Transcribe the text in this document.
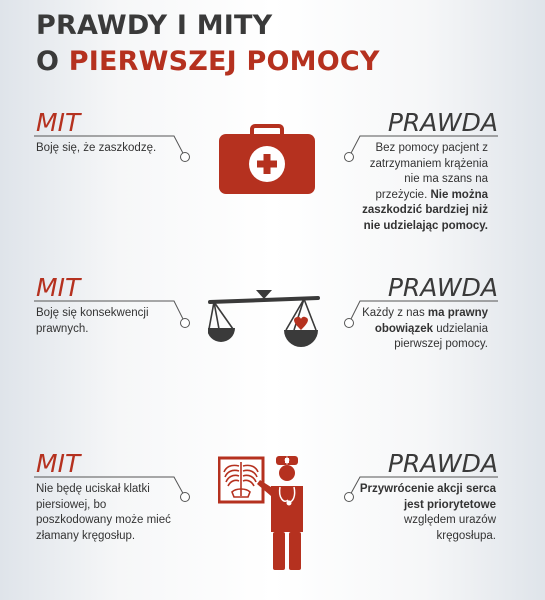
PRAWDY I MITY
O PIERWSZEJ POMOCY
MIT
Boję się, że zaszkodzę.
PRAWDA
Bez pomocy pacjent z zatrzymaniem krążenia nie ma szans na przeżycie. Nie można zaszkodzić bardziej niż nie udzielając pomocy.
MIT
Boję się konsekwencji prawnych.
PRAWDA
Każdy z nas ma prawny obowiązek udzielania pierwszej pomocy.
MIT
Nie będę uciskał klatki piersiowej, bo poszkodowany może mieć złamany kręgosłup.
PRAWDA
Przywrócenie akcji serca jest priorytetowe względem urazów kręgosłupa.
